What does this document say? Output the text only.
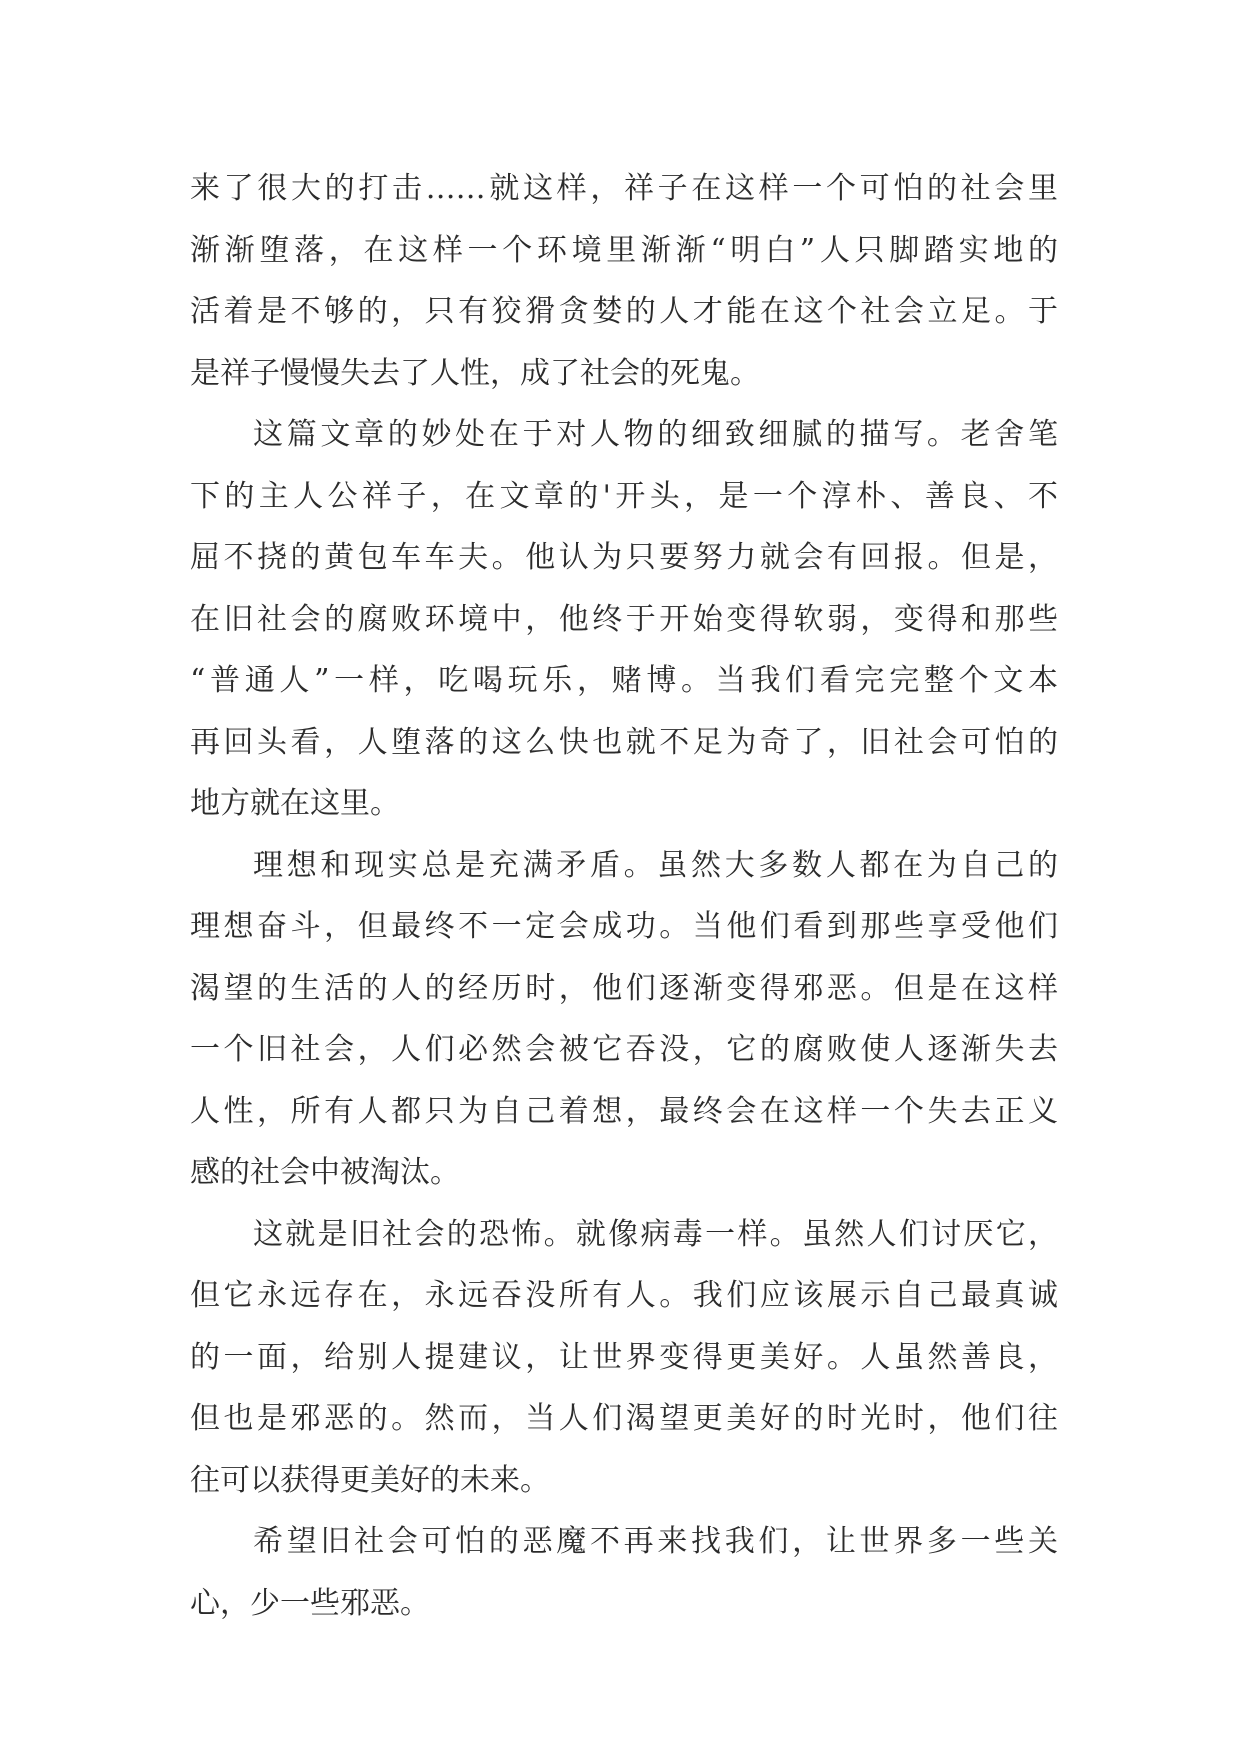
来了很大的打击……就这样，祥子在这样一个可怕的社会里
渐渐堕落，在这样一个环境里渐渐“明白”人只脚踏实地的
活着是不够的，只有狡猾贪婪的人才能在这个社会立足。于
是祥子慢慢失去了人性，成了社会的死鬼。
这篇文章的妙处在于对人物的细致细腻的描写。老舍笔
下的主人公祥子，在文章的'开头，是一个淳朴、善良、不
屈不挠的黄包车车夫。他认为只要努力就会有回报。但是，
在旧社会的腐败环境中，他终于开始变得软弱，变得和那些
“普通人”一样，吃喝玩乐，赌博。当我们看完完整个文本
再回头看，人堕落的这么快也就不足为奇了，旧社会可怕的
地方就在这里。
理想和现实总是充满矛盾。虽然大多数人都在为自己的
理想奋斗，但最终不一定会成功。当他们看到那些享受他们
渴望的生活的人的经历时，他们逐渐变得邪恶。但是在这样
一个旧社会，人们必然会被它吞没，它的腐败使人逐渐失去
人性，所有人都只为自己着想，最终会在这样一个失去正义
感的社会中被淘汰。
这就是旧社会的恐怖。就像病毒一样。虽然人们讨厌它，
但它永远存在，永远吞没所有人。我们应该展示自己最真诚
的一面，给别人提建议，让世界变得更美好。人虽然善良，
但也是邪恶的。然而，当人们渴望更美好的时光时，他们往
往可以获得更美好的未来。
希望旧社会可怕的恶魔不再来找我们，让世界多一些关
心，少一些邪恶。
